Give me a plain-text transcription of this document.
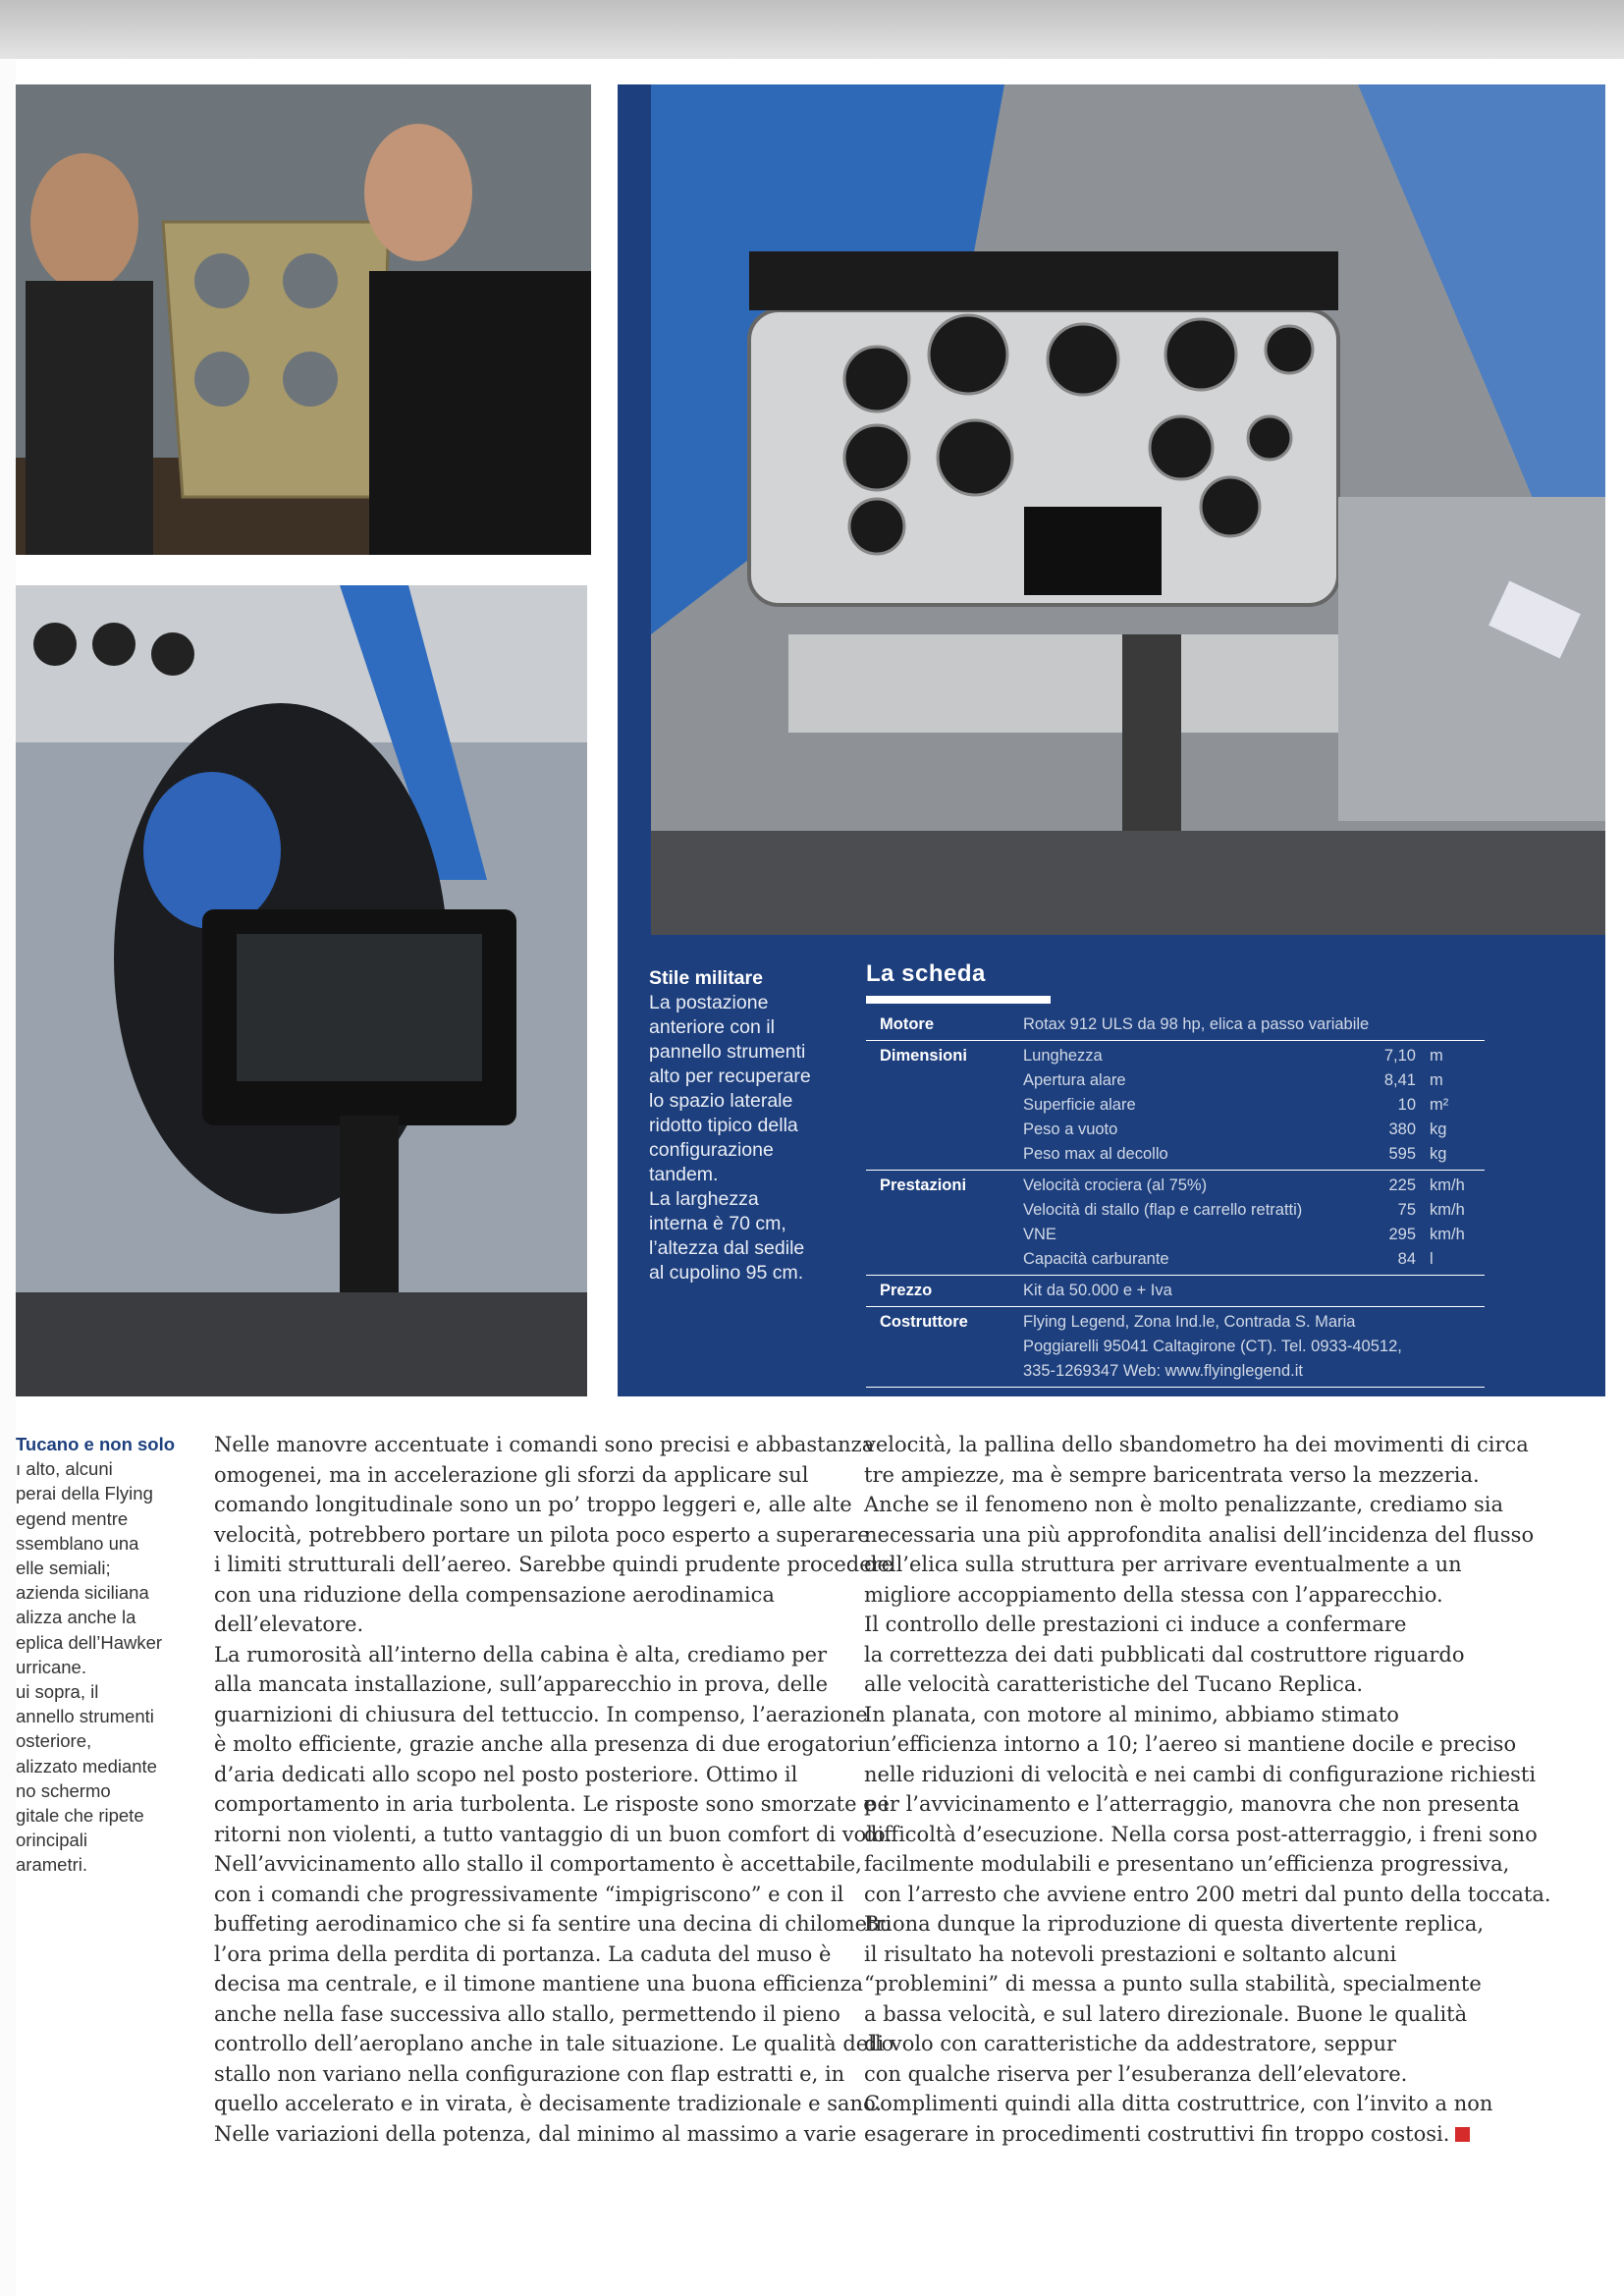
Stile militare
La postazione
anteriore con il
pannello strumenti
alto per recuperare
lo spazio laterale
ridotto tipico della
configurazione
tandem.
La larghezza
interna è 70 cm,
l’altezza dal sedile
al cupolino 95 cm.
La scheda
Motore	Rotax 912 ULS da 98 hp, elica a passo variabile
Dimensioni	Lunghezza	7,10 m
Apertura alare	8,41 m
Superficie alare	10 m²
Peso a vuoto	380 kg
Peso max al decollo	595 kg
Prestazioni	Velocità crociera (al 75%)	225 km/h
Velocità di stallo (flap e carrello retratti)	75 km/h
VNE	295 km/h
Capacità carburante	84 l
Prezzo	Kit da 50.000 e + Iva
Costruttore	Flying Legend, Zona Ind.le, Contrada S. Maria
Poggiarelli 95041 Caltagirone (CT). Tel. 0933-40512,
335-1269347 Web: www.flyinglegend.it
Tucano e non solo
ı alto, alcuni
perai della Flying
egend mentre
ssemblano una
elle semiali;
azienda siciliana
alizza anche la
eplica dell’Hawker
urricane.
ui sopra, il
annello strumenti
osteriore,
alizzato mediante
no schermo
gitale che ripete
orincipali
arametri.
Nelle manovre accentuate i comandi sono precisi e abbastanza
omogenei, ma in accelerazione gli sforzi da applicare sul
comando longitudinale sono un po’ troppo leggeri e, alle alte
velocità, potrebbero portare un pilota poco esperto a superare
i limiti strutturali dell’aereo. Sarebbe quindi prudente procedere
con una riduzione della compensazione aerodinamica
dell’elevatore.
La rumorosità all’interno della cabina è alta, crediamo per
alla mancata installazione, sull’apparecchio in prova, delle
guarnizioni di chiusura del tettuccio. In compenso, l’aerazione
è molto efficiente, grazie anche alla presenza di due erogatori
d’aria dedicati allo scopo nel posto posteriore. Ottimo il
comportamento in aria turbolenta. Le risposte sono smorzate e i
ritorni non violenti, a tutto vantaggio di un buon comfort di volo.
Nell’avvicinamento allo stallo il comportamento è accettabile,
con i comandi che progressivamente “impigriscono” e con il
buffeting aerodinamico che si fa sentire una decina di chilometri
l’ora prima della perdita di portanza. La caduta del muso è
decisa ma centrale, e il timone mantiene una buona efficienza
anche nella fase successiva allo stallo, permettendo il pieno
controllo dell’aeroplano anche in tale situazione. Le qualità dello
stallo non variano nella configurazione con flap estratti e, in
quello accelerato e in virata, è decisamente tradizionale e sano.
Nelle variazioni della potenza, dal minimo al massimo a varie
velocità, la pallina dello sbandometro ha dei movimenti di circa
tre ampiezze, ma è sempre baricentrata verso la mezzeria.
Anche se il fenomeno non è molto penalizzante, crediamo sia
necessaria una più approfondita analisi dell’incidenza del flusso
dell’elica sulla struttura per arrivare eventualmente a un
migliore accoppiamento della stessa con l’apparecchio.
Il controllo delle prestazioni ci induce a confermare
la correttezza dei dati pubblicati dal costruttore riguardo
alle velocità caratteristiche del Tucano Replica.
In planata, con motore al minimo, abbiamo stimato
un’efficienza intorno a 10; l’aereo si mantiene docile e preciso
nelle riduzioni di velocità e nei cambi di configurazione richiesti
per l’avvicinamento e l’atterraggio, manovra che non presenta
difficoltà d’esecuzione. Nella corsa post-atterraggio, i freni sono
facilmente modulabili e presentano un’efficienza progressiva,
con l’arresto che avviene entro 200 metri dal punto della toccata.
Buona dunque la riproduzione di questa divertente replica,
il risultato ha notevoli prestazioni e soltanto alcuni
“problemini” di messa a punto sulla stabilità, specialmente
a bassa velocità, e sul latero direzionale. Buone le qualità
di volo con caratteristiche da addestratore, seppur
con qualche riserva per l’esuberanza dell’elevatore.
Complimenti quindi alla ditta costruttrice, con l’invito a non
esagerare in procedimenti costruttivi fin troppo costosi.
